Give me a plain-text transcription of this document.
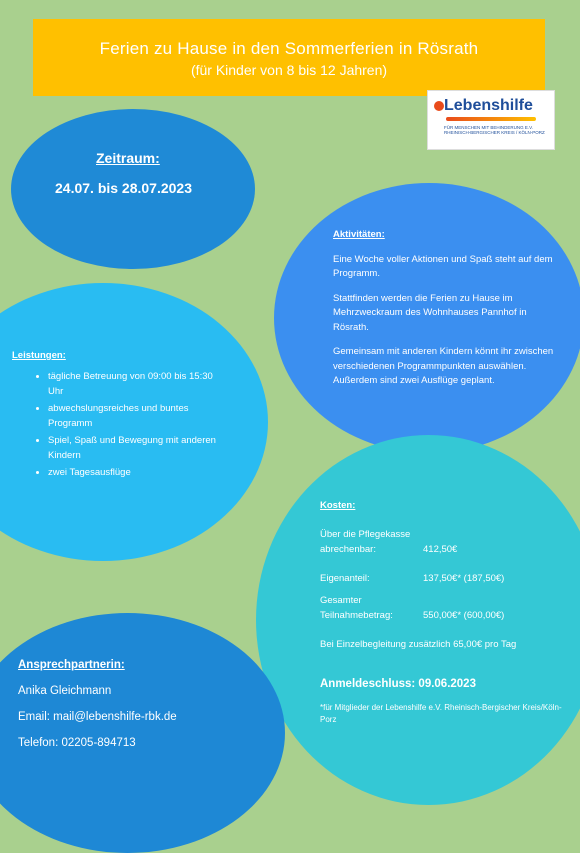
Ferien zu Hause in den Sommerferien in Rösrath
(für Kinder von 8 bis 12 Jahren)
Lebenshilfe
FÜR MENSCHEN MIT BEHINDERUNG E.V. RHEINISCH-BERGISCHER KREIS / KÖLN-PORZ
Zeitraum:
24.07. bis 28.07.2023
Aktivitäten:

Eine Woche voller Aktionen und Spaß steht auf dem Programm.

Stattfinden werden die Ferien zu Hause im Mehrzweckraum des Wohnhauses Pannhof in Rösrath.

Gemeinsam mit anderen Kindern könnt ihr zwischen verschiedenen Programmpunkten auswählen. Außerdem sind zwei Ausflüge geplant.

Leistungen:
• tägliche Betreuung von 09:00 bis 15:30 Uhr
• abwechslungsreiches und buntes Programm
• Spiel, Spaß und Bewegung mit anderen Kindern
• zwei Tagesausflüge
Kosten:
Über die Pflegekasse abrechenbar:	412,50€
Eigenanteil:	137,50€* (187,50€)
Gesamter Teilnahmebetrag:	550,00€* (600,00€)
Bei Einzelbegleitung zusätzlich 65,00€ pro Tag
Anmeldeschluss: 09.06.2023
*für Mitglieder der Lebenshilfe e.V. Rheinisch-Bergischer Kreis/Köln-Porz
Ansprechpartnerin:
Anika Gleichmann
Email: mail@lebenshilfe-rbk.de
Telefon: 02205-894713
